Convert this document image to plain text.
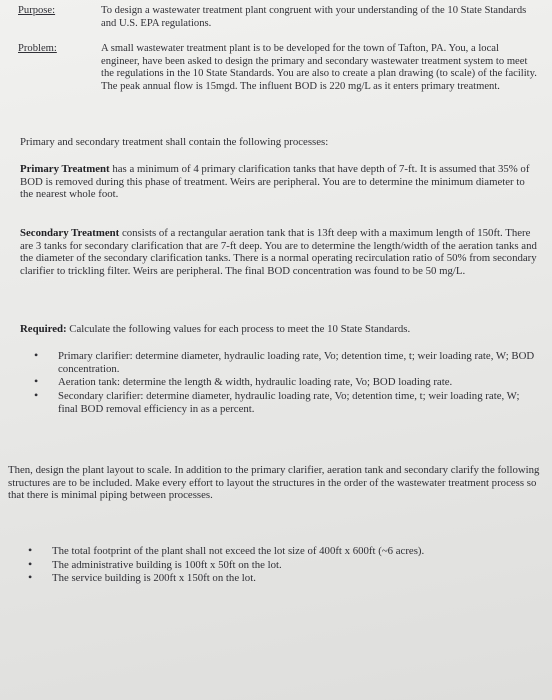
Purpose:	To design a wastewater treatment plant congruent with your understanding of the 10 State Standards and U.S. EPA regulations.
Problem:	A small wastewater treatment plant is to be developed for the town of Tafton, PA. You, a local engineer, have been asked to design the primary and secondary wastewater treatment system to meet the regulations in the 10 State Standards. You are also to create a plan drawing (to scale) of the facility. The peak annual flow is 15mgd. The influent BOD is 220 mg/L as it enters primary treatment.
Primary and secondary treatment shall contain the following processes:
Primary Treatment has a minimum of 4 primary clarification tanks that have depth of 7-ft. It is assumed that 35% of BOD is removed during this phase of treatment. Weirs are peripheral. You are to determine the minimum diameter to the nearest whole foot.
Secondary Treatment consists of a rectangular aeration tank that is 13ft deep with a maximum length of 150ft. There are 3 tanks for secondary clarification that are 7-ft deep. You are to determine the length/width of the aeration tanks and the diameter of the secondary clarification tanks. There is a normal operating recirculation ratio of 50% from secondary clarifier to trickling filter. Weirs are peripheral. The final BOD concentration was found to be 50 mg/L.
Required: Calculate the following values for each process to meet the 10 State Standards.
• Primary clarifier: determine diameter, hydraulic loading rate, Vo; detention time, t; weir loading rate, W; BOD concentration.
• Aeration tank: determine the length & width, hydraulic loading rate, Vo; BOD loading rate.
• Secondary clarifier: determine diameter, hydraulic loading rate, Vo; detention time, t; weir loading rate, W; final BOD removal efficiency in as a percent.
Then, design the plant layout to scale. In addition to the primary clarifier, aeration tank and secondary clarify the following structures are to be included. Make every effort to layout the structures in the order of the wastewater treatment process so that there is minimal piping between processes.
• The total footprint of the plant shall not exceed the lot size of 400ft x 600ft (~6 acres).
• The administrative building is 100ft x 50ft on the lot.
• The service building is 200ft x 150ft on the lot.
